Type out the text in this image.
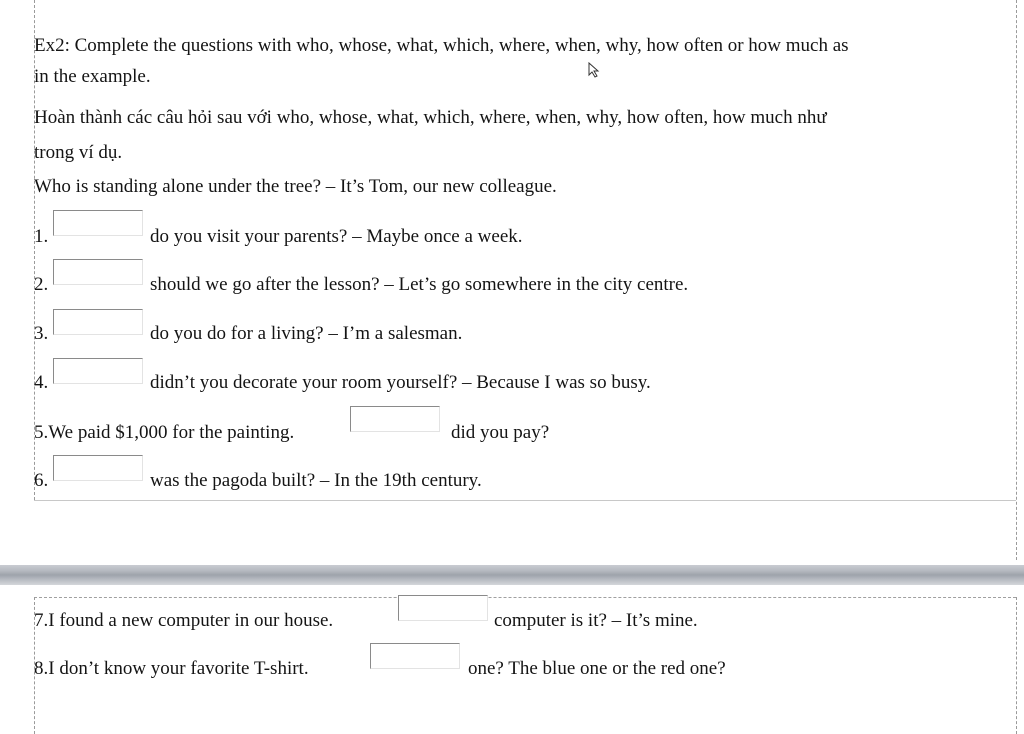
Ex2: Complete the questions with who, whose, what, which, where, when, why, how often or how much as
in the example.
Hoàn thành các câu hỏi sau với who, whose, what, which, where, when, why, how often, how much như
trong ví dụ.
Who is standing alone under the tree? – It’s Tom, our new colleague.
1.	do you visit your parents? – Maybe once a week.
2.	should we go after the lesson? – Let’s go somewhere in the city centre.
3.	do you do for a living? – I’m a salesman.
4.	didn’t you decorate your room yourself? – Because I was so busy.
5.We paid $1,000 for the painting.	did you pay?
6.	was the pagoda built? – In the 19th century.
7.I found a new computer in our house.	computer is it? – It’s mine.
8.I don’t know your favorite T-shirt.	one? The blue one or the red one?
